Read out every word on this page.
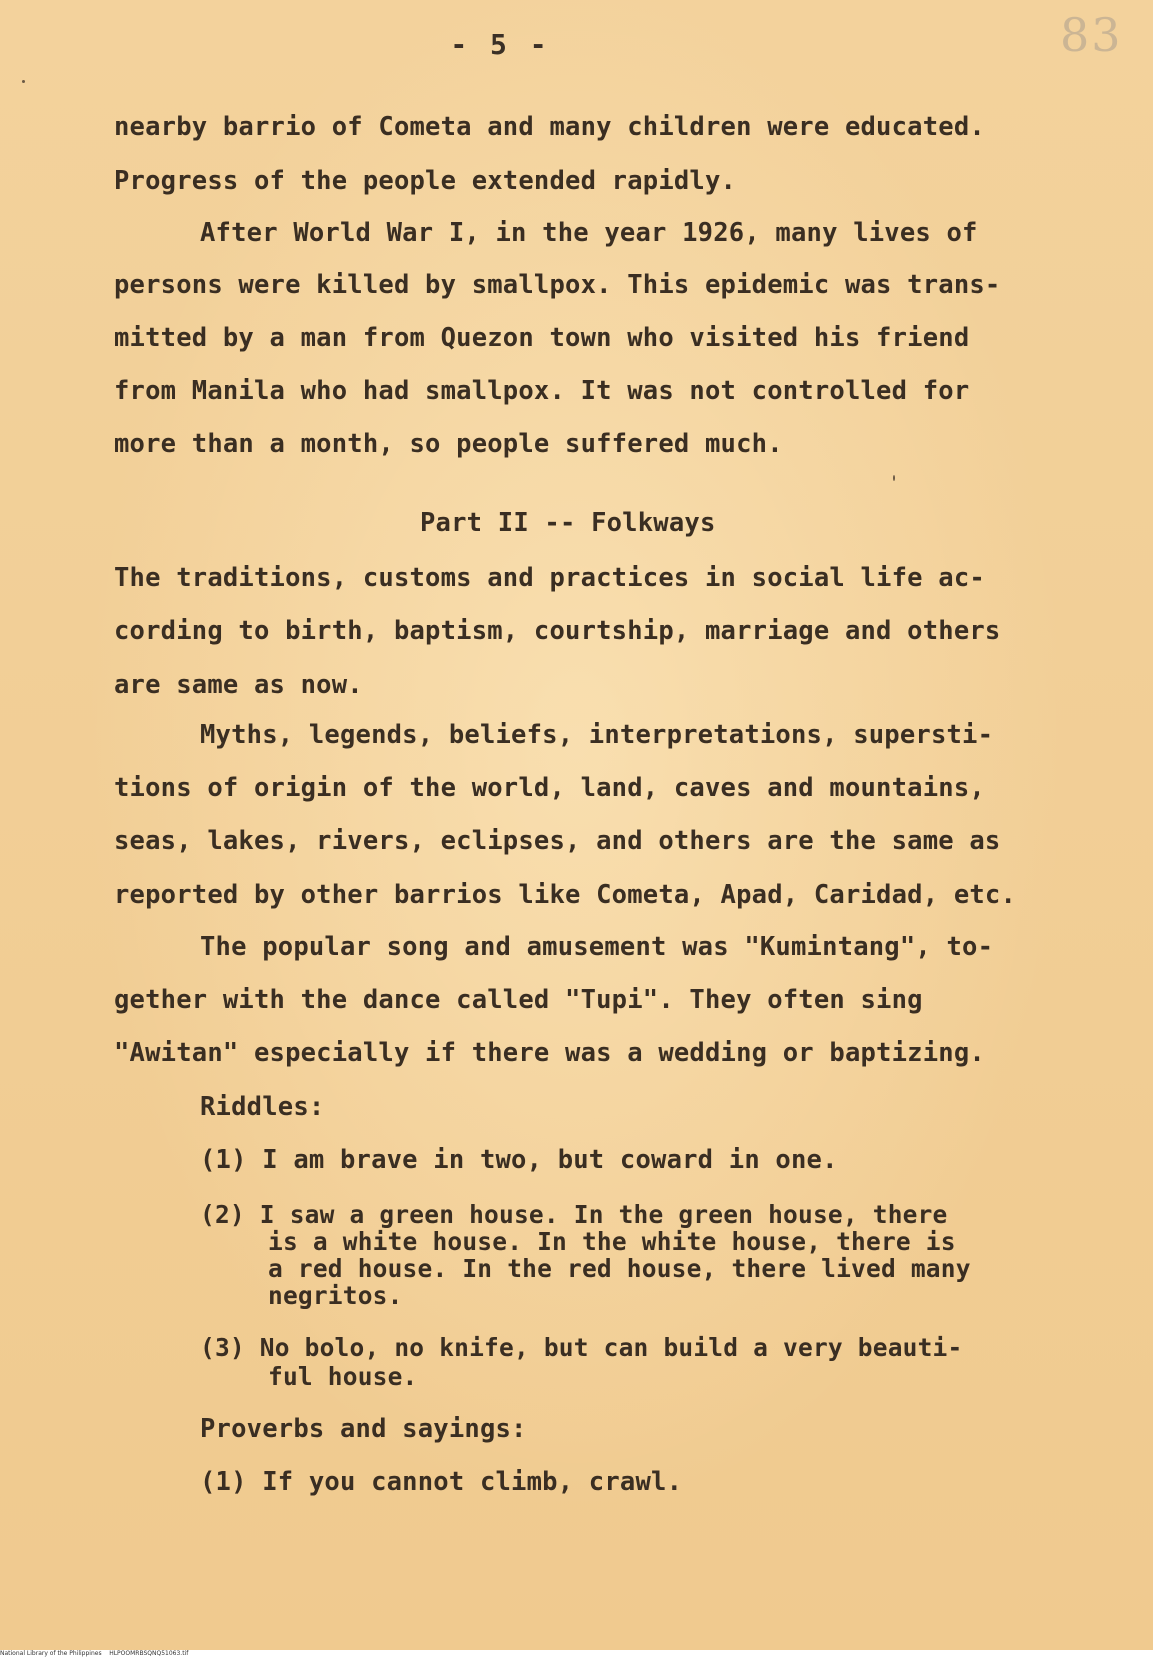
- 5 -	83
nearby barrio of Cometa and many children were educated.
Progress of the people extended rapidly.
After World War I, in the year 1926, many lives of
persons were killed by smallpox. This epidemic was trans-
mitted by a man from Quezon town who visited his friend
from Manila who had smallpox. It was not controlled for
more than a month, so people suffered much.
Part II -- Folkways
The traditions, customs and practices in social life ac-
cording to birth, baptism, courtship, marriage and others
are same as now.
Myths, legends, beliefs, interpretations, supersti-
tions of origin of the world, land, caves and mountains,
seas, lakes, rivers, eclipses, and others are the same as
reported by other barrios like Cometa, Apad, Caridad, etc.
The popular song and amusement was "Kumintang", to-
gether with the dance called "Tupi". They often sing
"Awitan" especially if there was a wedding or baptizing.
Riddles:
(1) I am brave in two, but coward in one.
(2) I saw a green house. In the green house, there
is a white house. In the white house, there is
a red house. In the red house, there lived many
negritos.
(3) No bolo, no knife, but can build a very beauti-
ful house.
Proverbs and sayings:
(1) If you cannot climb, crawl.
National Library of the Philippines    HLPOOMRBSQNQ51063.tif
